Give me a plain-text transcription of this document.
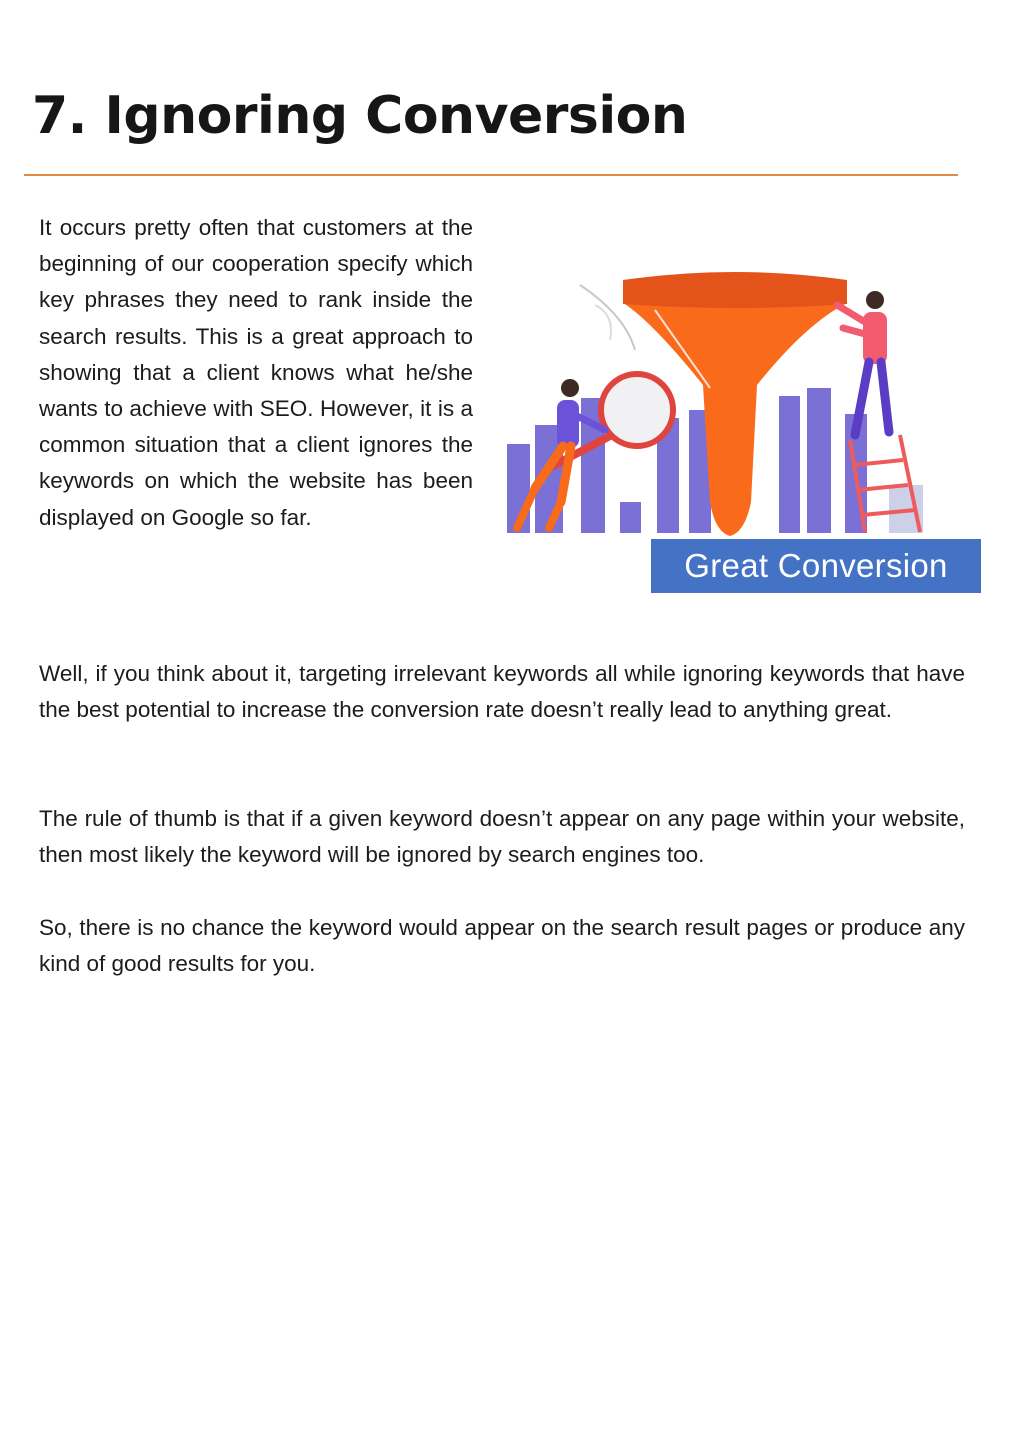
7. Ignoring Conversion

It occurs pretty often that customers at the beginning of our cooperation specify which key phrases they need to rank inside the search results. This is a great approach to showing that a client knows what he/she wants to achieve with SEO. However, it is a common situation that a client ignores the keywords on which the website has been displayed on Google so far.

Great Conversion

Well, if you think about it, targeting irrelevant keywords all while ignoring keywords that have the best potential to increase the conversion rate doesn’t really lead to anything great.

The rule of thumb is that if a given keyword doesn’t appear on any page within your website, then most likely the keyword will be ignored by search engines too.

So, there is no chance the keyword would appear on the search result pages or produce any kind of good results for you.
